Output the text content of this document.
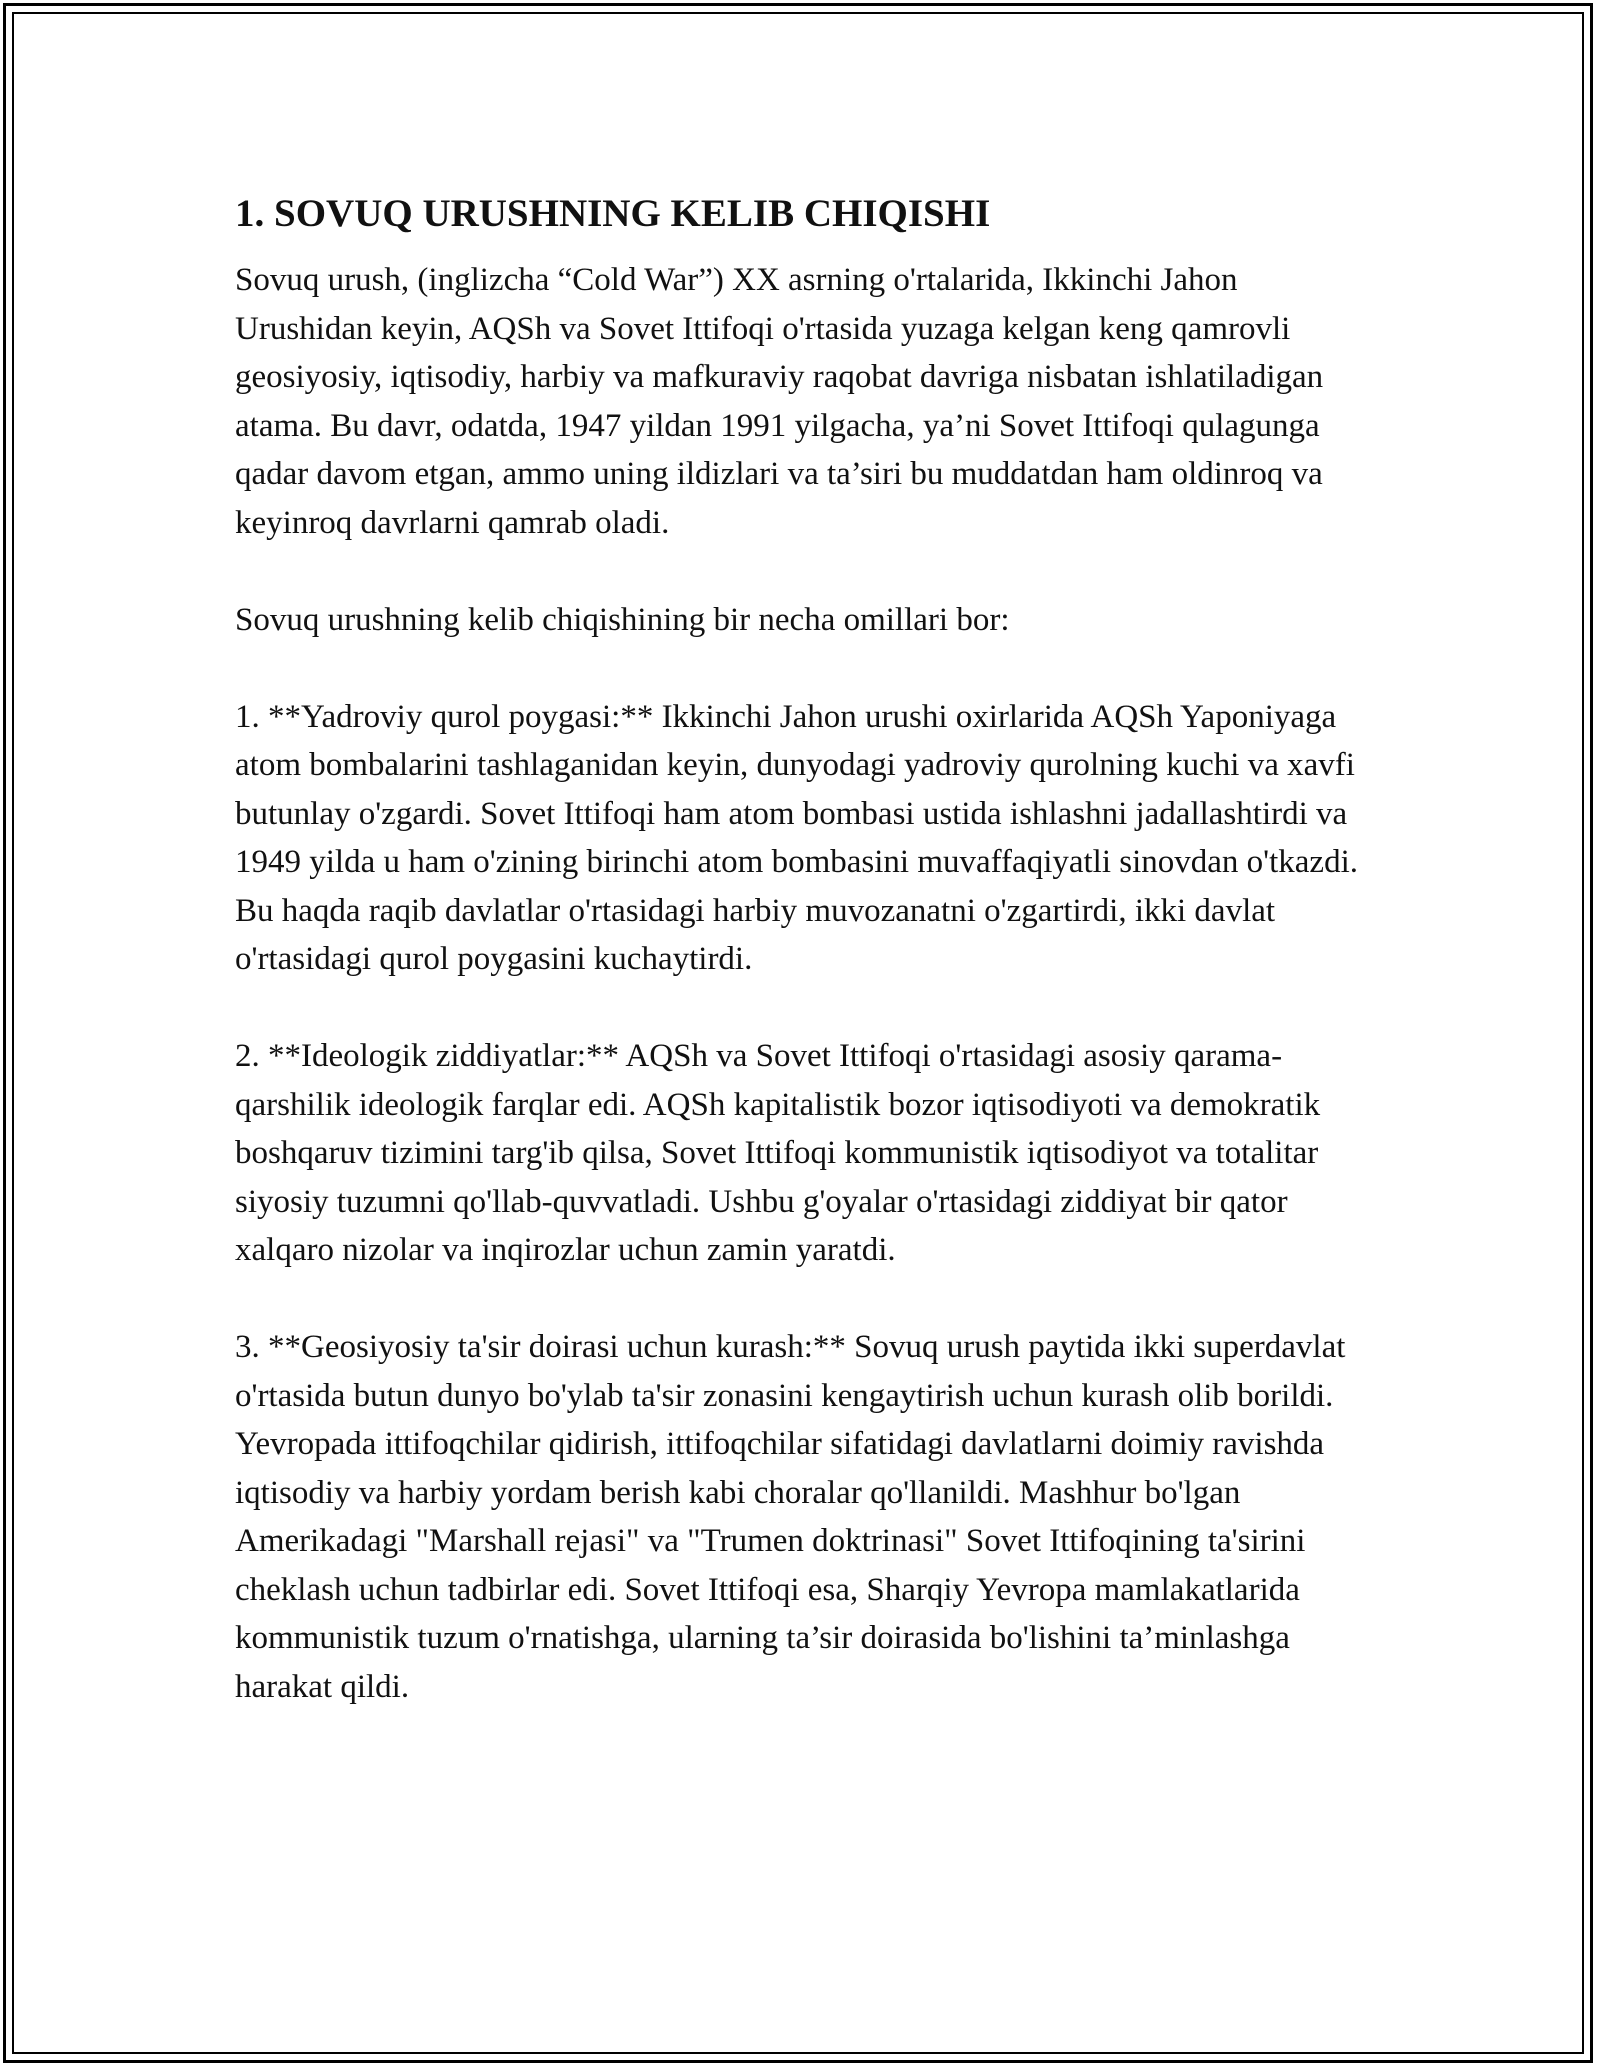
1. SOVUQ URUSHNING KELIB CHIQISHI

Sovuq urush, (inglizcha “Cold War”) XX asrning o'rtalarida, Ikkinchi Jahon Urushidan keyin, AQSh va Sovet Ittifoqi o'rtasida yuzaga kelgan keng qamrovli geosiyosiy, iqtisodiy, harbiy va mafkuraviy raqobat davriga nisbatan ishlatiladigan atama. Bu davr, odatda, 1947 yildan 1991 yilgacha, ya’ni Sovet Ittifoqi qulagunga qadar davom etgan, ammo uning ildizlari va ta’siri bu muddatdan ham oldinroq va keyinroq davrlarni qamrab oladi.

Sovuq urushning kelib chiqishining bir necha omillari bor:

1. **Yadroviy qurol poygasi:** Ikkinchi Jahon urushi oxirlarida AQSh Yaponiyaga atom bombalarini tashlaganidan keyin, dunyodagi yadroviy qurolning kuchi va xavfi butunlay o'zgardi. Sovet Ittifoqi ham atom bombasi ustida ishlashni jadallashtirdi va 1949 yilda u ham o'zining birinchi atom bombasini muvaffaqiyatli sinovdan o'tkazdi. Bu haqda raqib davlatlar o'rtasidagi harbiy muvozanatni o'zgartirdi, ikki davlat o'rtasidagi qurol poygasini kuchaytirdi.

2. **Ideologik ziddiyatlar:** AQSh va Sovet Ittifoqi o'rtasidagi asosiy qarama-qarshilik ideologik farqlar edi. AQSh kapitalistik bozor iqtisodiyoti va demokratik boshqaruv tizimini targ'ib qilsa, Sovet Ittifoqi kommunistik iqtisodiyot va totalitar siyosiy tuzumni qo'llab-quvvatladi. Ushbu g'oyalar o'rtasidagi ziddiyat bir qator xalqaro nizolar va inqirozlar uchun zamin yaratdi.

3. **Geosiyosiy ta'sir doirasi uchun kurash:** Sovuq urush paytida ikki superdavlat o'rtasida butun dunyo bo'ylab ta'sir zonasini kengaytirish uchun kurash olib borildi. Yevropada ittifoqchilar qidirish, ittifoqchilar sifatidagi davlatlarni doimiy ravishda iqtisodiy va harbiy yordam berish kabi choralar qo'llanildi. Mashhur bo'lgan Amerikadagi "Marshall rejasi" va "Trumen doktrinasi" Sovet Ittifoqining ta'sirini cheklash uchun tadbirlar edi. Sovet Ittifoqi esa, Sharqiy Yevropa mamlakatlarida kommunistik tuzum o'rnatishga, ularning ta’sir doirasida bo'lishini ta’minlashga harakat qildi.
